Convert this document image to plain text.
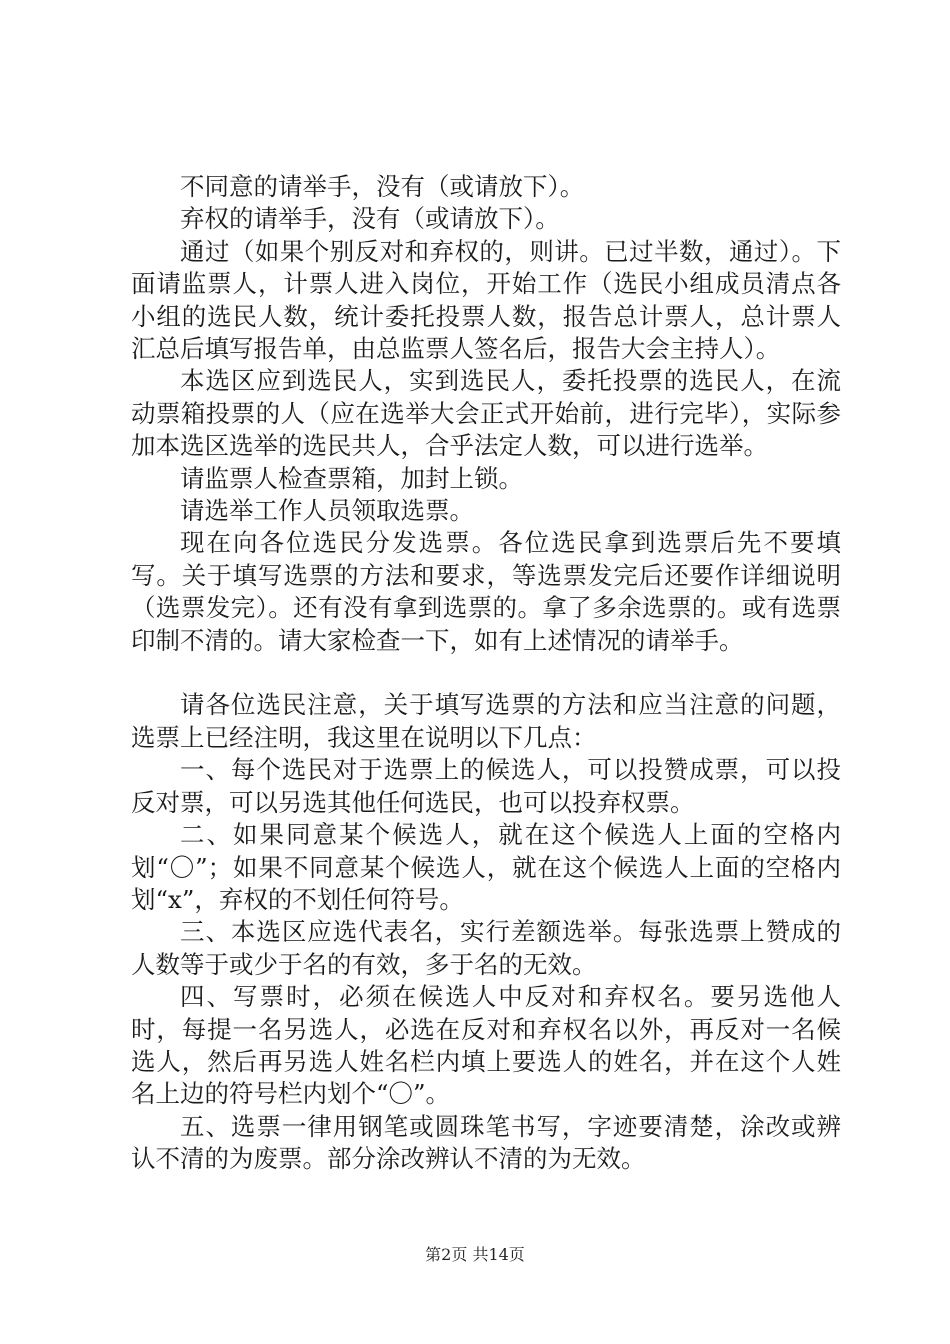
不同意的请举手，没有（或请放下）。

弃权的请举手，没有（或请放下）。

通过（如果个别反对和弃权的，则讲。已过半数，通过）。下面请监票人，计票人进入岗位，开始工作（选民小组成员清点各小组的选民人数，统计委托投票人数，报告总计票人，总计票人汇总后填写报告单，由总监票人签名后，报告大会主持人）。

本选区应到选民人，实到选民人，委托投票的选民人，在流动票箱投票的人（应在选举大会正式开始前，进行完毕），实际参加本选区选举的选民共人，合乎法定人数，可以进行选举。

请监票人检查票箱，加封上锁。

请选举工作人员领取选票。

现在向各位选民分发选票。各位选民拿到选票后先不要填写。关于填写选票的方法和要求，等选票发完后还要作详细说明（选票发完）。还有没有拿到选票的。拿了多余选票的。或有选票印制不清的。请大家检查一下，如有上述情况的请举手。

请各位选民注意，关于填写选票的方法和应当注意的问题，选票上已经注明，我这里在说明以下几点：

一、每个选民对于选票上的候选人，可以投赞成票，可以投反对票，可以另选其他任何选民，也可以投弃权票。

二、如果同意某个候选人，就在这个候选人上面的空格内划“〇”；如果不同意某个候选人，就在这个候选人上面的空格内划“x”，弃权的不划任何符号。

三、本选区应选代表名，实行差额选举。每张选票上赞成的人数等于或少于名的有效，多于名的无效。

四、写票时，必须在候选人中反对和弃权名。要另选他人时，每提一名另选人，必选在反对和弃权名以外，再反对一名候选人，然后再另选人姓名栏内填上要选人的姓名，并在这个人姓名上边的符号栏内划个“〇”。

五、选票一律用钢笔或圆珠笔书写，字迹要清楚，涂改或辨认不清的为废票。部分涂改辨认不清的为无效。

第2页 共14页
